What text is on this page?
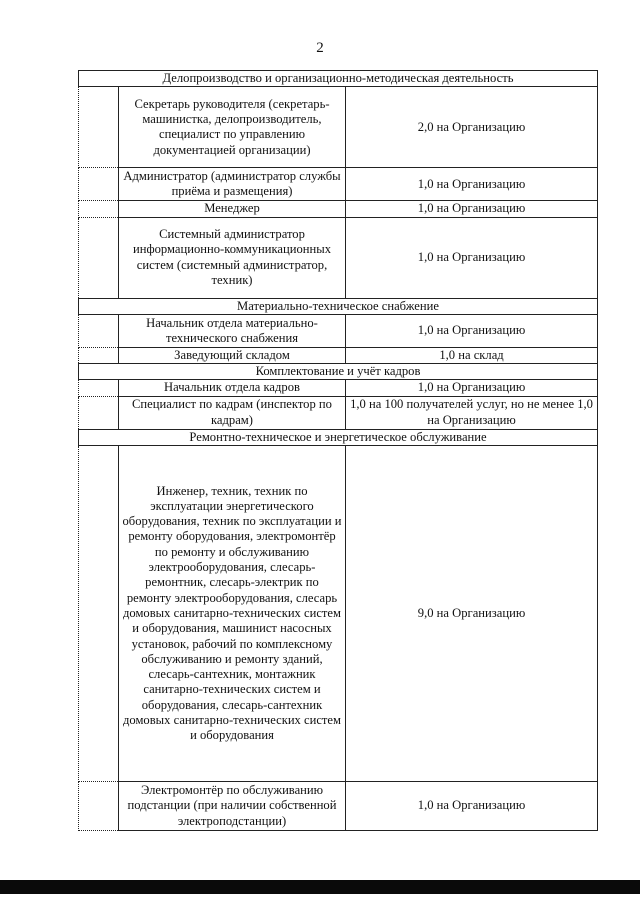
2
Делопроизводство и организационно-методическая деятельность		
	Секретарь руководителя (секретарь-машинистка, делопроизводитель, специалист по управлению документацией организации)	2,0 на Организацию
	Администратор (администратор службы приёма и размещения)	1,0 на Организацию
	Менеджер	1,0 на Организацию
	Системный администратор информационно-коммуникационных систем (системный администратор, техник)	1,0 на Организацию
Материально-техническое снабжение		
	Начальник отдела материально-технического снабжения	1,0 на Организацию
	Заведующий складом	1,0 на склад
Комплектование и учёт кадров		
	Начальник отдела кадров	1,0 на Организацию
	Специалист по кадрам (инспектор по кадрам)	1,0 на 100 получателей услуг, но не менее 1,0 на Организацию
Ремонтно-техническое и энергетическое обслуживание		
	Инженер, техник, техник по эксплуатации энергетического оборудования, техник по эксплуатации и ремонту оборудования, электромонтёр по ремонту и обслуживанию электрооборудования, слесарь-ремонтник, слесарь-электрик по ремонту электрооборудования, слесарь домовых санитарно-технических систем и оборудования, машинист насосных установок, рабочий по комплексному обслуживанию и ремонту зданий, слесарь-сантехник, монтажник санитарно-технических систем и оборудования, слесарь-сантехник домовых санитарно-технических систем и оборудования	9,0 на Организацию
	Электромонтёр по обслуживанию подстанции (при наличии собственной электроподстанции)	1,0 на Организацию
